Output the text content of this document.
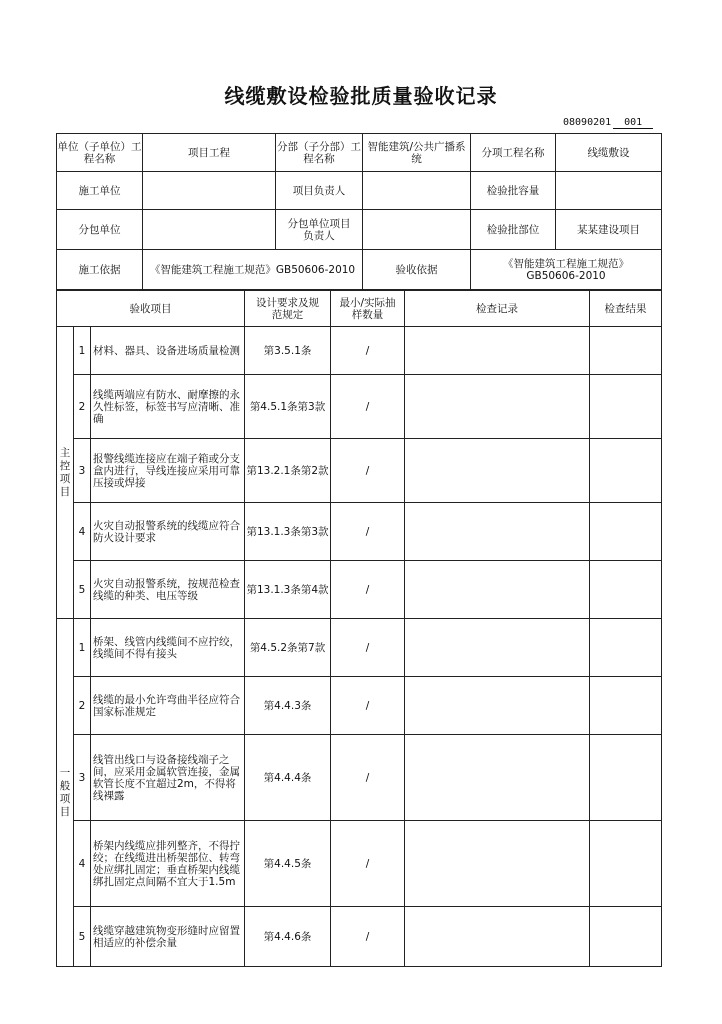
线缆敷设检验批质量验收记录
08090201 001
单位（子单位）工程名称	项目工程	分部（子分部）工程名称	智能建筑/公共广播系统	分项工程名称	线缆敷设
施工单位		项目负责人		检验批容量	
分包单位		分包单位项目负责人		检验批部位	某某建设项目
施工依据	《智能建筑工程施工规范》GB50606-2010		验收依据	《智能建筑工程施工规范》GB50606-2010	
验收项目			设计要求及规范规定	最小/实际抽样数量	检查记录	检查结果
主控项目	1	材料、器具、设备进场质量检测	第3.5.1条	/		
	2	线缆两端应有防水、耐摩擦的永久性标签，标签书写应清晰、准确	第4.5.1条第3款	/		
	3	报警线缆连接应在端子箱或分支盒内进行，导线连接应采用可靠压接或焊接	第13.2.1条第2款	/		
	4	火灾自动报警系统的线缆应符合防火设计要求	第13.1.3条第3款	/		
	5	火灾自动报警系统，按规范检查线缆的种类、电压等级	第13.1.3条第4款	/		
一般项目	1	桥架、线管内线缆间不应拧绞，线缆间不得有接头	第4.5.2条第7款	/		
	2	线缆的最小允许弯曲半径应符合国家标准规定	第4.4.3条	/		
	3	线管出线口与设备接线端子之间，应采用金属软管连接，金属软管长度不宜超过2m，不得将线裸露	第4.4.4条	/		
	4	桥架内线缆应排列整齐，不得拧绞；在线缆进出桥架部位、转弯处应绑扎固定；垂直桥架内线缆绑扎固定点间隔不宜大于1.5m	第4.4.5条	/		
	5	线缆穿越建筑物变形缝时应留置相适应的补偿余量	第4.4.6条	/		
